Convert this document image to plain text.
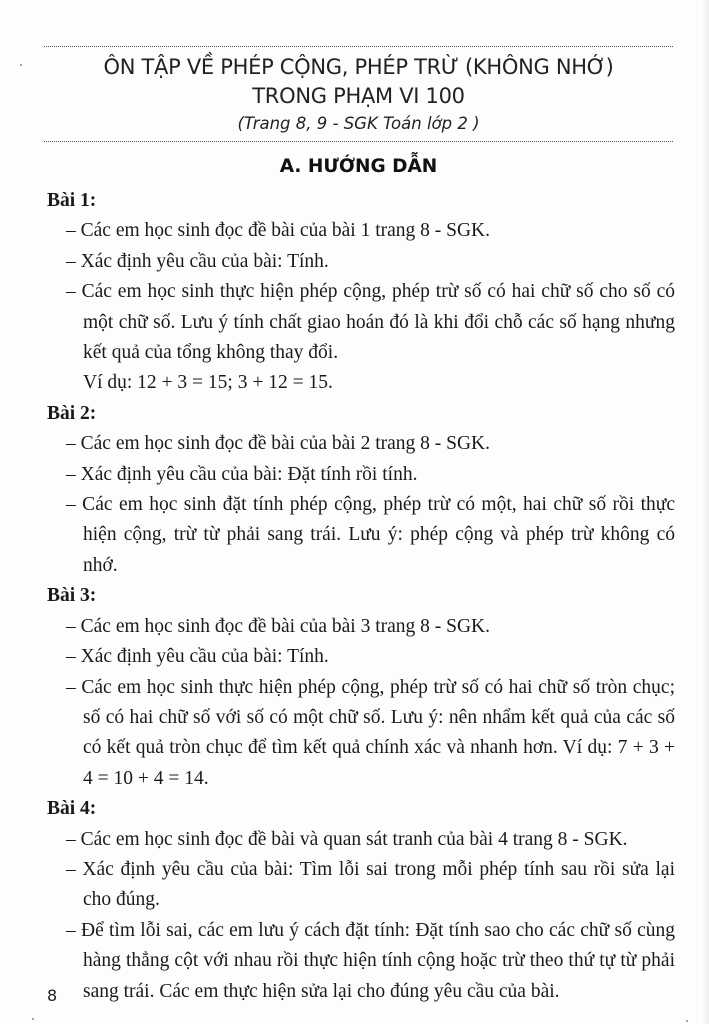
ÔN TẬP VỀ PHÉP CỘNG, PHÉP TRỪ (KHÔNG NHỚ)
TRONG PHẠM VI 100
(Trang 8, 9 - SGK Toán lớp 2 )
A. HƯỚNG DẪN

Bài 1:

– Các em học sinh đọc đề bài của bài 1 trang 8 - SGK.

– Xác định yêu cầu của bài: Tính.

– Các em học sinh thực hiện phép cộng, phép trừ số có hai chữ số cho số có một chữ số. Lưu ý tính chất giao hoán đó là khi đổi chỗ các số hạng nhưng kết quả của tổng không thay đổi.

Ví dụ: 12 + 3 = 15; 3 + 12 = 15.

Bài 2:

– Các em học sinh đọc đề bài của bài 2 trang 8 - SGK.

– Xác định yêu cầu của bài: Đặt tính rồi tính.

– Các em học sinh đặt tính phép cộng, phép trừ có một, hai chữ số rồi thực hiện cộng, trừ từ phải sang trái. Lưu ý: phép cộng và phép trừ không có nhớ.

Bài 3:

– Các em học sinh đọc đề bài của bài 3 trang 8 - SGK.

– Xác định yêu cầu của bài: Tính.

– Các em học sinh thực hiện phép cộng, phép trừ số có hai chữ số tròn chục; số có hai chữ số với số có một chữ số. Lưu ý: nên nhẩm kết quả của các số có kết quả tròn chục để tìm kết quả chính xác và nhanh hơn. Ví dụ: 7 + 3 + 4 = 10 + 4 = 14.

Bài 4:

– Các em học sinh đọc đề bài và quan sát tranh của bài 4 trang 8 - SGK.

– Xác định yêu cầu của bài: Tìm lỗi sai trong mỗi phép tính sau rồi sửa lại cho đúng.

– Để tìm lỗi sai, các em lưu ý cách đặt tính: Đặt tính sao cho các chữ số cùng hàng thẳng cột với nhau rồi thực hiện tính cộng hoặc trừ theo thứ tự từ phải sang trái. Các em thực hiện sửa lại cho đúng yêu cầu của bài.

8
